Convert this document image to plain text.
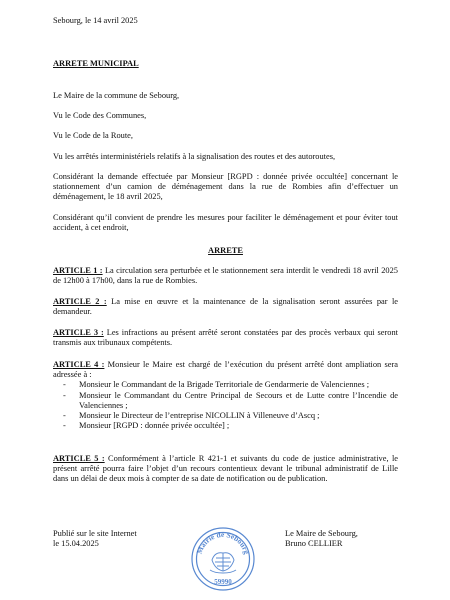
Sebourg, le 14 avril 2025

ARRETE MUNICIPAL

Le Maire de la commune de Sebourg,

Vu le Code des Communes,

Vu le Code de la Route,

Vu les arrêtés interministériels relatifs à la signalisation des routes et des autoroutes,

Considérant la demande effectuée par Monsieur [RGPD : donnée privée occultée] concernant le stationnement d’un camion de déménagement dans la rue de Rombies afin d’effectuer un déménagement, le 18 avril 2025,

Considérant qu’il convient de prendre les mesures pour faciliter le déménagement et pour éviter tout accident, à cet endroit,

ARRETE

ARTICLE 1 : La circulation sera perturbée et le stationnement sera interdit le vendredi 18 avril 2025 de 12h00 à 17h00, dans la rue de Rombies.

ARTICLE 2 : La mise en œuvre et la maintenance de la signalisation seront assurées par le demandeur.

ARTICLE 3 : Les infractions au présent arrêté seront constatées par des procès verbaux qui seront transmis aux tribunaux compétents.

ARTICLE 4 : Monsieur le Maire est chargé de l’exécution du présent arrêté dont ampliation sera adressée à :
- Monsieur le Commandant de la Brigade Territoriale de Gendarmerie de Valenciennes ;
- Monsieur le Commandant du Centre Principal de Secours et de Lutte contre l’Incendie de Valenciennes ;
- Monsieur le Directeur de l’entreprise NICOLLIN à Villeneuve d’Ascq ;
- Monsieur [RGPD : donnée privée occultée] ;

ARTICLE 5 : Conformément à l’article R 421-1 et suivants du code de justice administrative, le présent arrêté pourra faire l’objet d’un recours contentieux devant le tribunal administratif de Lille dans un délai de deux mois à compter de sa date de notification ou de publication.

Publié sur le site Internet
le 15.04.2025
Le Maire de Sebourg,
Bruno CELLIER
Mairie de Sebourg
59990
